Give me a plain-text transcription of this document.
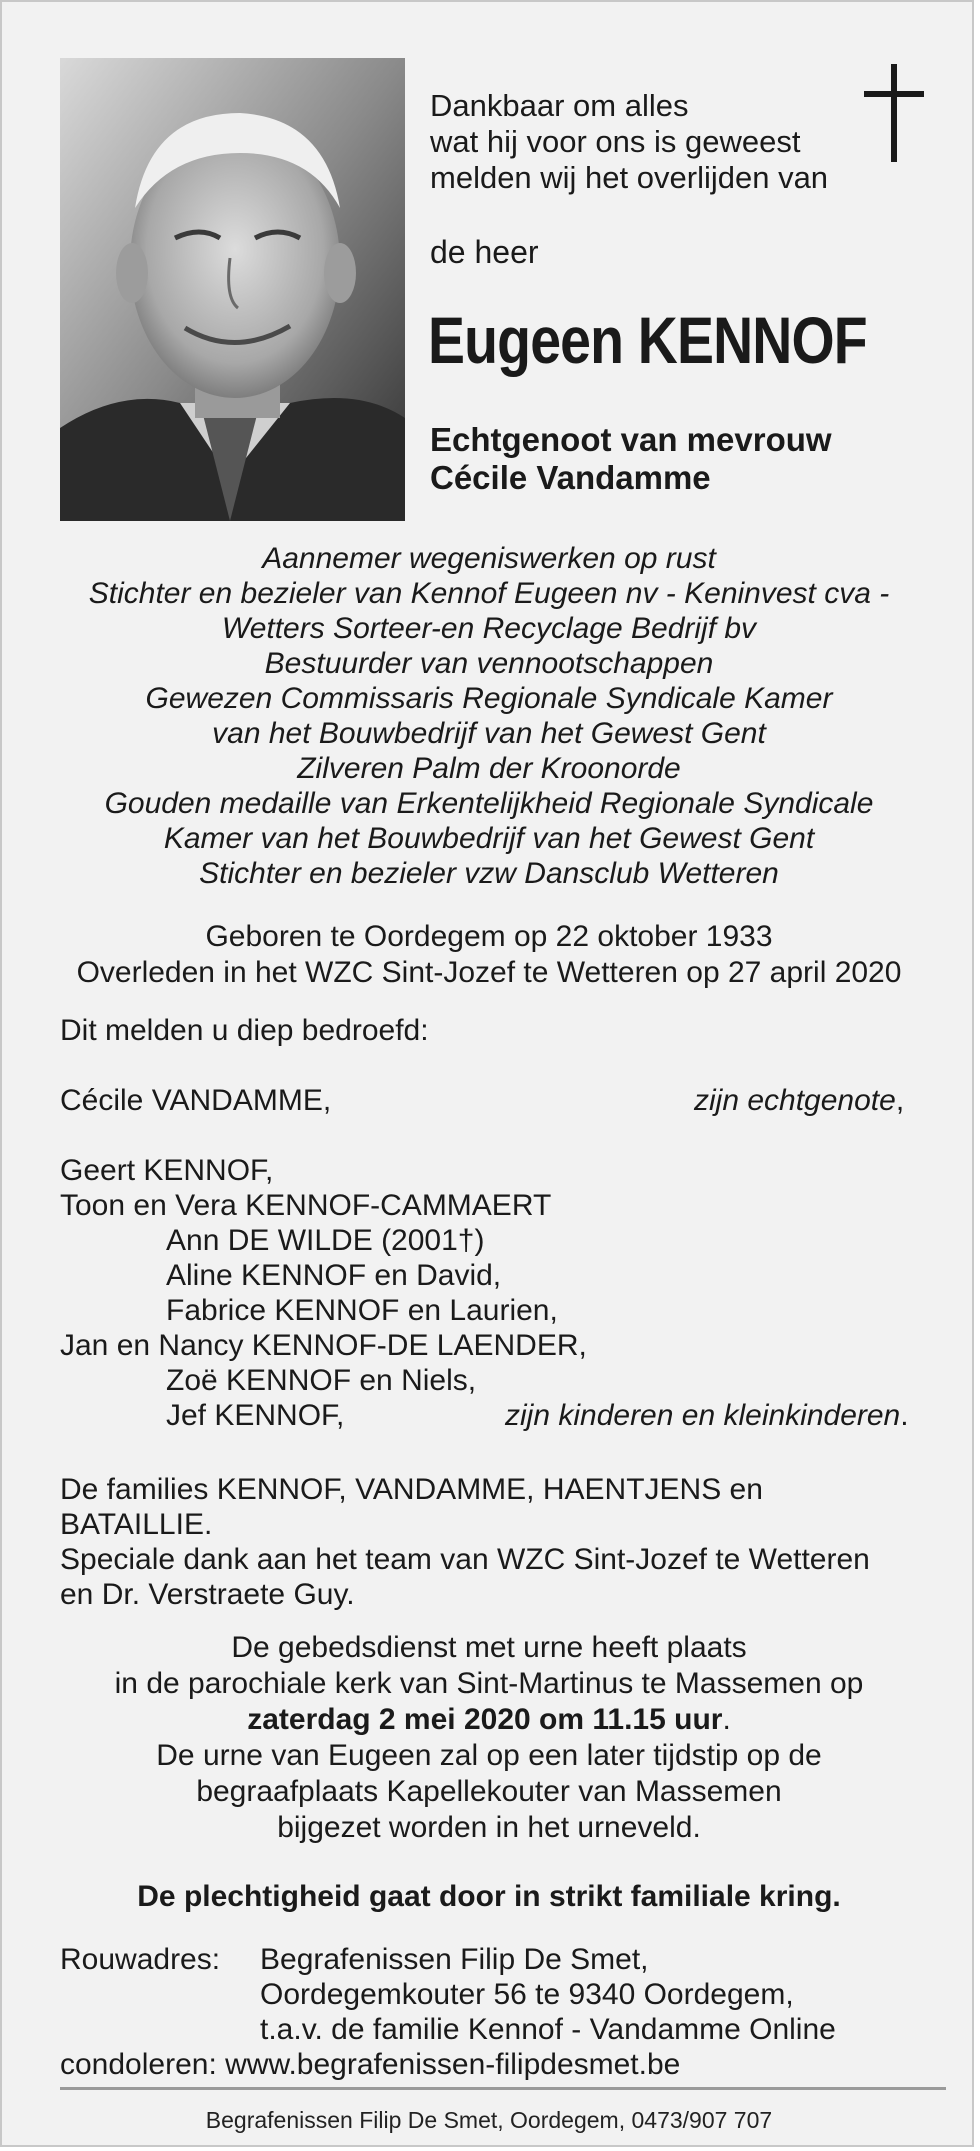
Dankbaar om alles
wat hij voor ons is geweest
melden wij het overlijden van
de heer
Eugeen KENNOF
Echtgenoot van mevrouw
Cécile Vandamme
Aannemer wegeniswerken op rust
Stichter en bezieler van Kennof Eugeen nv - Keninvest cva -
Wetters Sorteer-en Recyclage Bedrijf bv
Bestuurder van vennootschappen
Gewezen Commissaris Regionale Syndicale Kamer
van het Bouwbedrijf van het Gewest Gent
Zilveren Palm der Kroonorde
Gouden medaille van Erkentelijkheid Regionale Syndicale
Kamer van het Bouwbedrijf van het Gewest Gent
Stichter en bezieler vzw Dansclub Wetteren
Geboren te Oordegem op 22 oktober 1933
Overleden in het WZC Sint-Jozef te Wetteren op 27 april 2020
Dit melden u diep bedroefd:
Cécile VANDAMME,	zijn echtgenote,
Geert KENNOF,
Toon en Vera KENNOF-CAMMAERT
Ann DE WILDE (2001†)
Aline KENNOF en David,
Fabrice KENNOF en Laurien,
Jan en Nancy KENNOF-DE LAENDER,
Zoë KENNOF en Niels,
Jef KENNOF,	zijn kinderen en kleinkinderen.
De families KENNOF, VANDAMME, HAENTJENS en
BATAILLIE.
Speciale dank aan het team van WZC Sint-Jozef te Wetteren
en Dr. Verstraete Guy.
De gebedsdienst met urne heeft plaats
in de parochiale kerk van Sint-Martinus te Massemen op
zaterdag 2 mei 2020 om 11.15 uur.
De urne van Eugeen zal op een later tijdstip op de
begraafplaats Kapellekouter van Massemen
bijgezet worden in het urneveld.
De plechtigheid gaat door in strikt familiale kring.
Rouwadres: Begrafenissen Filip De Smet,
Oordegemkouter 56 te 9340 Oordegem,
t.a.v. de familie Kennof - Vandamme Online
condoleren: www.begrafenissen-filipdesmet.be
Begrafenissen Filip De Smet, Oordegem, 0473/907 707
